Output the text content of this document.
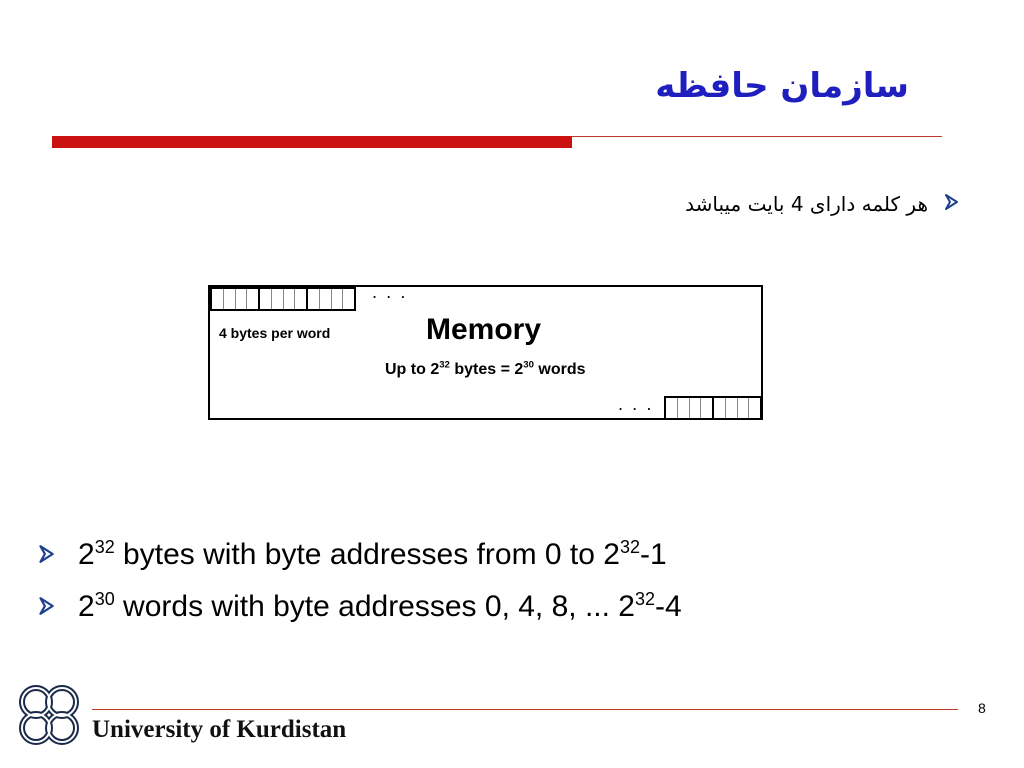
سازمان حافظه
هر کلمه دارای 4 بایت میباشد
. . .
4 bytes per word	Memory
Up to $2^{32}$ bytes = $2^{30}$ words
. . .
$2^{32}$ bytes with byte addresses from 0 to $2^{32}-1$
$2^{30}$ words with byte addresses 0, 4, 8, ... $2^{32}-4$
8
University of Kurdistan
